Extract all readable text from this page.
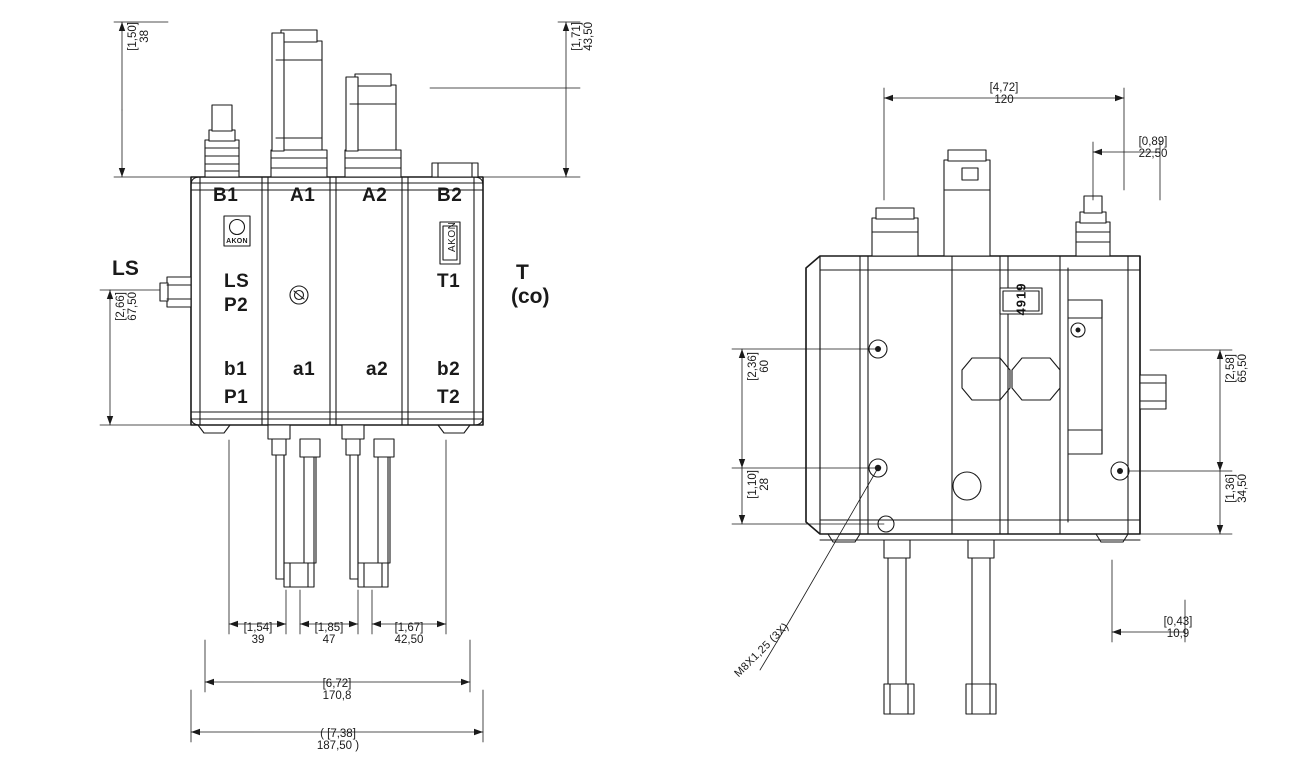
[1,50] 38

	[1,71] 43,50

[2,66] 67,50

[1,54]
39

[1,85]
47

[1,67]
42,50

[6,72]
170,8

( [7,38]
187,50 )

B1	A1 A2	B2
LS
LS
P2
T1	T
(co)
b1 a1	a2	b2
P1	T2
AKON	AKON

[4,72]
120

[0,89]
22,50

[2,36] 60

[1,10] 28

[2,58] 65,50

[1,36] 34,50

[0,43]
10,9

4919
M8X1,25 (3X)
